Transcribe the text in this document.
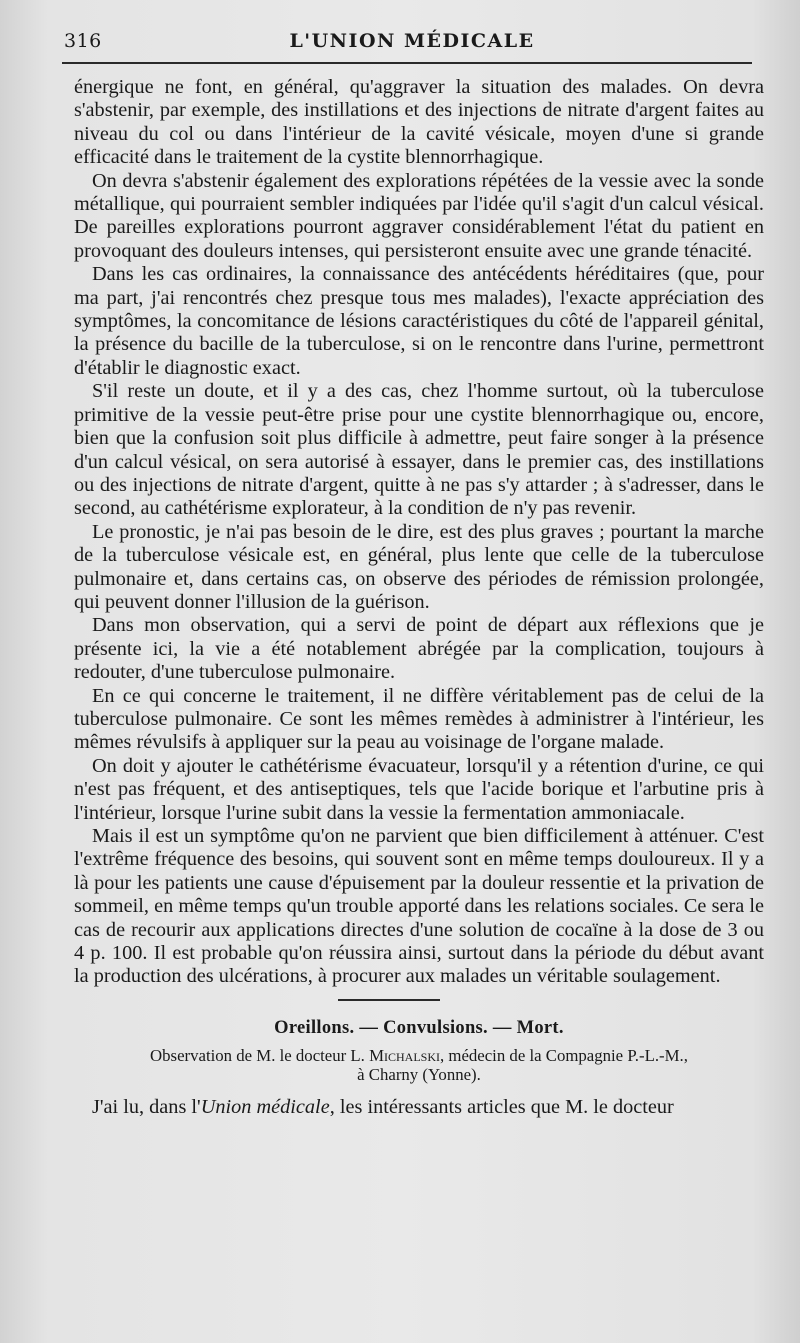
316	L'UNION MÉDICALE

énergique ne font, en général, qu'aggraver la situation des malades. On devra s'abstenir, par exemple, des instillations et des injections de nitrate d'argent faites au niveau du col ou dans l'intérieur de la cavité vésicale, moyen d'une si grande efficacité dans le traitement de la cystite blennorrhagique.

On devra s'abstenir également des explorations répétées de la vessie avec la sonde métallique, qui pourraient sembler indiquées par l'idée qu'il s'agit d'un calcul vésical. De pareilles explorations pourront aggraver considérablement l'état du patient en provoquant des douleurs intenses, qui persisteront ensuite avec une grande ténacité.

Dans les cas ordinaires, la connaissance des antécédents héréditaires (que, pour ma part, j'ai rencontrés chez presque tous mes malades), l'exacte appréciation des symptômes, la concomitance de lésions caractéristiques du côté de l'appareil génital, la présence du bacille de la tuberculose, si on le rencontre dans l'urine, permettront d'établir le diagnostic exact.

S'il reste un doute, et il y a des cas, chez l'homme surtout, où la tuberculose primitive de la vessie peut-être prise pour une cystite blennorrhagique ou, encore, bien que la confusion soit plus difficile à admettre, peut faire songer à la présence d'un calcul vésical, on sera autorisé à essayer, dans le premier cas, des instillations ou des injections de nitrate d'argent, quitte à ne pas s'y attarder ; à s'adresser, dans le second, au cathétérisme explorateur, à la condition de n'y pas revenir.

Le pronostic, je n'ai pas besoin de le dire, est des plus graves ; pourtant la marche de la tuberculose vésicale est, en général, plus lente que celle de la tuberculose pulmonaire et, dans certains cas, on observe des périodes de rémission prolongée, qui peuvent donner l'illusion de la guérison.

Dans mon observation, qui a servi de point de départ aux réflexions que je présente ici, la vie a été notablement abrégée par la complication, toujours à redouter, d'une tuberculose pulmonaire.

En ce qui concerne le traitement, il ne diffère véritablement pas de celui de la tuberculose pulmonaire. Ce sont les mêmes remèdes à administrer à l'intérieur, les mêmes révulsifs à appliquer sur la peau au voisinage de l'organe malade.

On doit y ajouter le cathétérisme évacuateur, lorsqu'il y a rétention d'urine, ce qui n'est pas fréquent, et des antiseptiques, tels que l'acide borique et l'arbutine pris à l'intérieur, lorsque l'urine subit dans la vessie la fermentation ammoniacale.

Mais il est un symptôme qu'on ne parvient que bien difficilement à atténuer. C'est l'extrême fréquence des besoins, qui souvent sont en même temps douloureux. Il y a là pour les patients une cause d'épuisement par la douleur ressentie et la privation de sommeil, en même temps qu'un trouble apporté dans les relations sociales. Ce sera le cas de recourir aux applications directes d'une solution de cocaïne à la dose de 3 ou 4 p. 100. Il est probable qu'on réussira ainsi, surtout dans la période du début avant la production des ulcérations, à procurer aux malades un véritable soulagement.

Oreillons. — Convulsions. — Mort.

Observation de M. le docteur L. Michalski, médecin de la Compagnie P.-L.-M.,

à Charny (Yonne).

J'ai lu, dans l'Union médicale, les intéressants articles que M. le docteur
